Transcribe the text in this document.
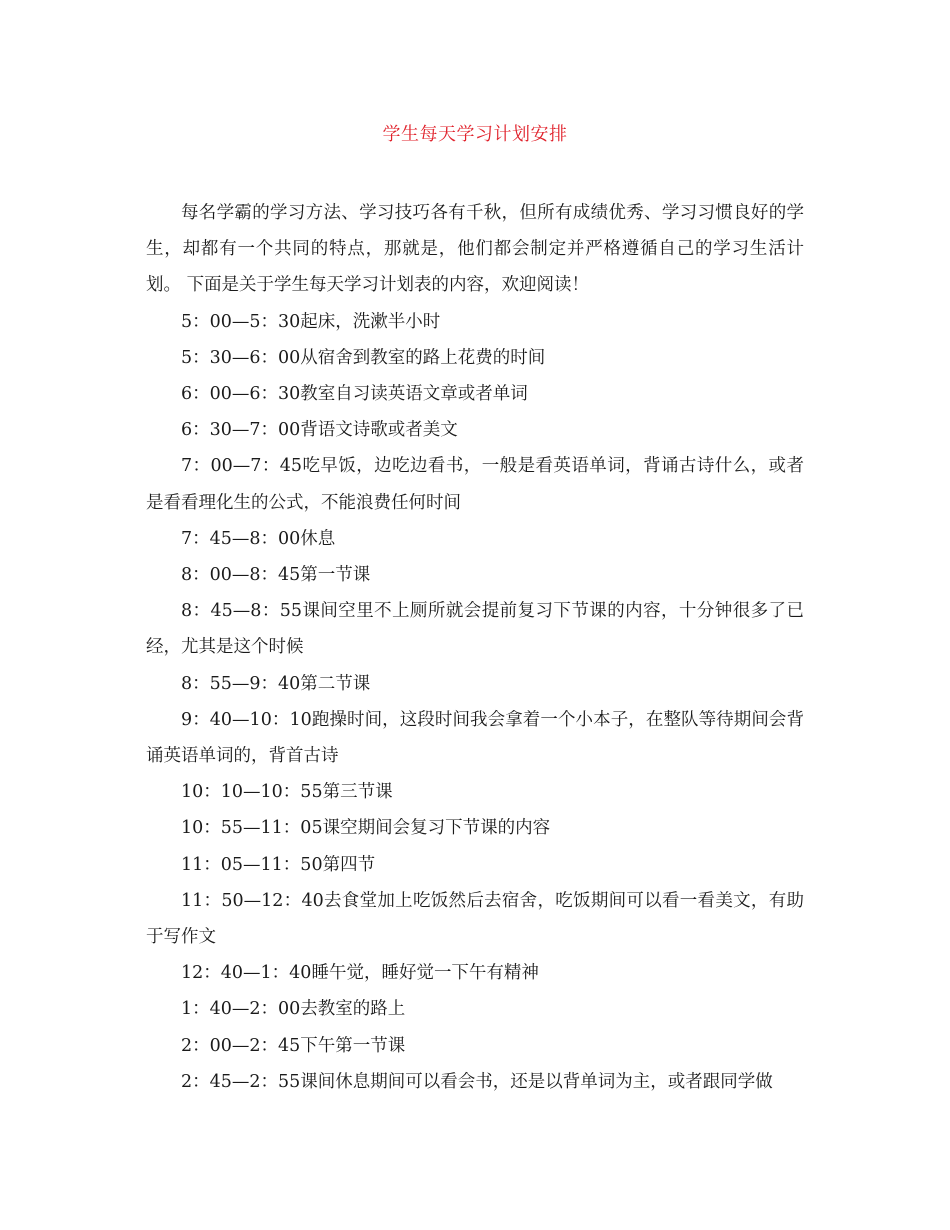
学生每天学习计划安排

每名学霸的学习方法、学习技巧各有千秋，但所有成绩优秀、学习习惯良好的学生，却都有一个共同的特点，那就是，他们都会制定并严格遵循自己的学习生活计划。 下面是关于学生每天学习计划表的内容，欢迎阅读！

5：00—5：30起床，洗漱半小时

5：30—6：00从宿舍到教室的路上花费的时间

6：00—6：30教室自习读英语文章或者单词

6：30—7：00背语文诗歌或者美文

7：00—7：45吃早饭，边吃边看书，一般是看英语单词，背诵古诗什么，或者是看看理化生的公式，不能浪费任何时间

7：45—8：00休息

8：00—8：45第一节课

8：45—8：55课间空里不上厕所就会提前复习下节课的内容，十分钟很多了已经，尤其是这个时候

8：55—9：40第二节课

9：40—10：10跑操时间，这段时间我会拿着一个小本子，在整队等待期间会背诵英语单词的，背首古诗

10：10—10：55第三节课

10：55—11：05课空期间会复习下节课的内容

11：05—11：50第四节

11：50—12：40去食堂加上吃饭然后去宿舍，吃饭期间可以看一看美文，有助于写作文

12：40—1：40睡午觉，睡好觉一下午有精神

1：40—2：00去教室的路上

2：00—2：45下午第一节课

2：45—2：55课间休息期间可以看会书，还是以背单词为主，或者跟同学做
